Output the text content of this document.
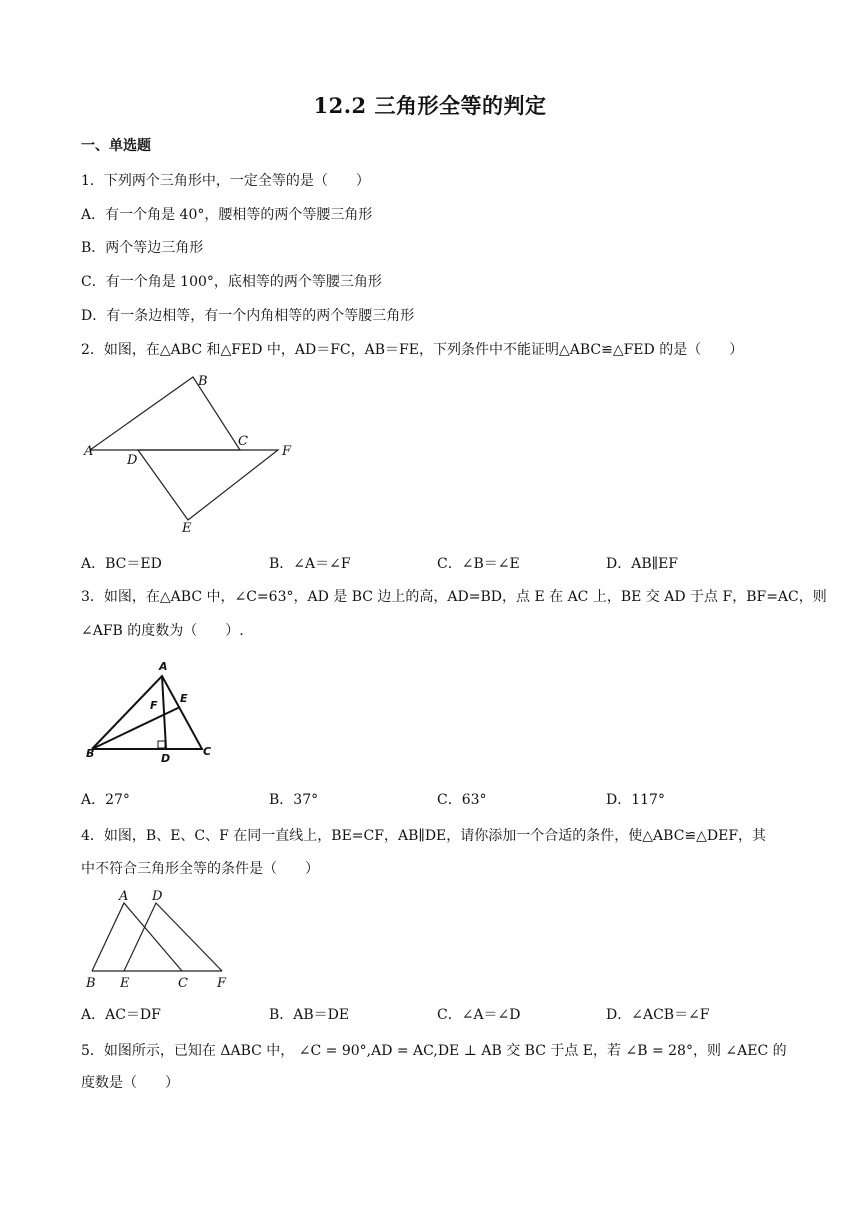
12.2 三角形全等的判定
一、单选题
1．下列两个三角形中，一定全等的是（　　）
A．有一个角是 40°，腰相等的两个等腰三角形
B．两个等边三角形
C．有一个角是 100°，底相等的两个等腰三角形
D．有一条边相等，有一个内角相等的两个等腰三角形
2．如图，在△ABC 和△FED 中，AD＝FC，AB＝FE，下列条件中不能证明△ABC≌△FED 的是（　　）
A
B
C
D
E
F
A．BC＝ED	B．∠A＝∠F	C．∠B＝∠E	D．AB∥EF
3．如图，在△ABC 中，∠C=63°，AD 是 BC 边上的高，AD=BD，点 E 在 AC 上，BE 交 AD 于点 F，BF=AC，则
∠AFB 的度数为（　　）.
A
B	C
D
E
F
A．27°	B．37°	C．63°	D．117°
4．如图，B、E、C、F 在同一直线上，BE=CF，AB∥DE，请你添加一个合适的条件，使△ABC≌△DEF，其
中不符合三角形全等的条件是（　　）
A D
B E	C F
A．AC＝DF	B．AB＝DE	C．∠A＝∠D	D．∠ACB＝∠F
5．如图所示，已知在 ΔABC 中， ∠C = 90°,AD = AC,DE ⊥ AB 交 BC 于点 E，若 ∠B = 28°，则 ∠AEC 的
度数是（　　）
